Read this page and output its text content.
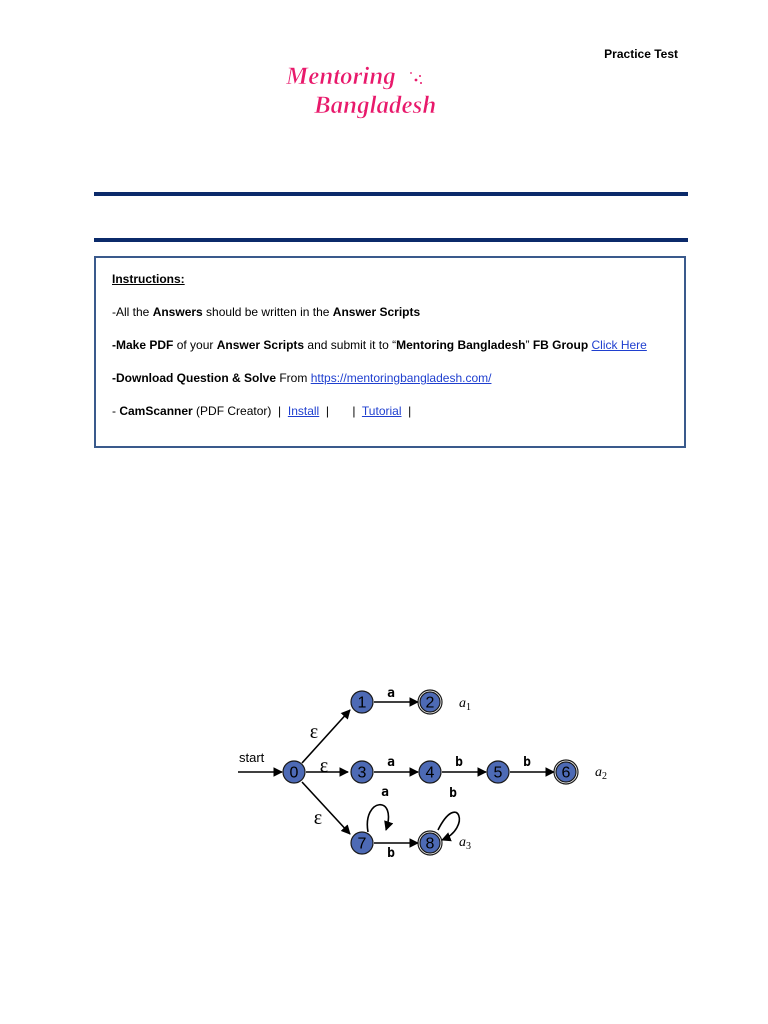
Practice Test
Mentoring
Bangladesh
Instructions:
-All the Answers should be written in the Answer Scripts
-Make PDF of your Answer Scripts and submit it to “Mentoring Bangladesh” FB Group Click Here
-Download Question & Solve From https://mentoringbangladesh.com/
- CamScanner (PDF Creator)  |  Install  |       |  Tutorial  |
start
ε
ε
ε
a
a	b	b
a
b
b
0
1	2
3	4	5	6
7	8
$a_1$
$a_2$
$a_3$
